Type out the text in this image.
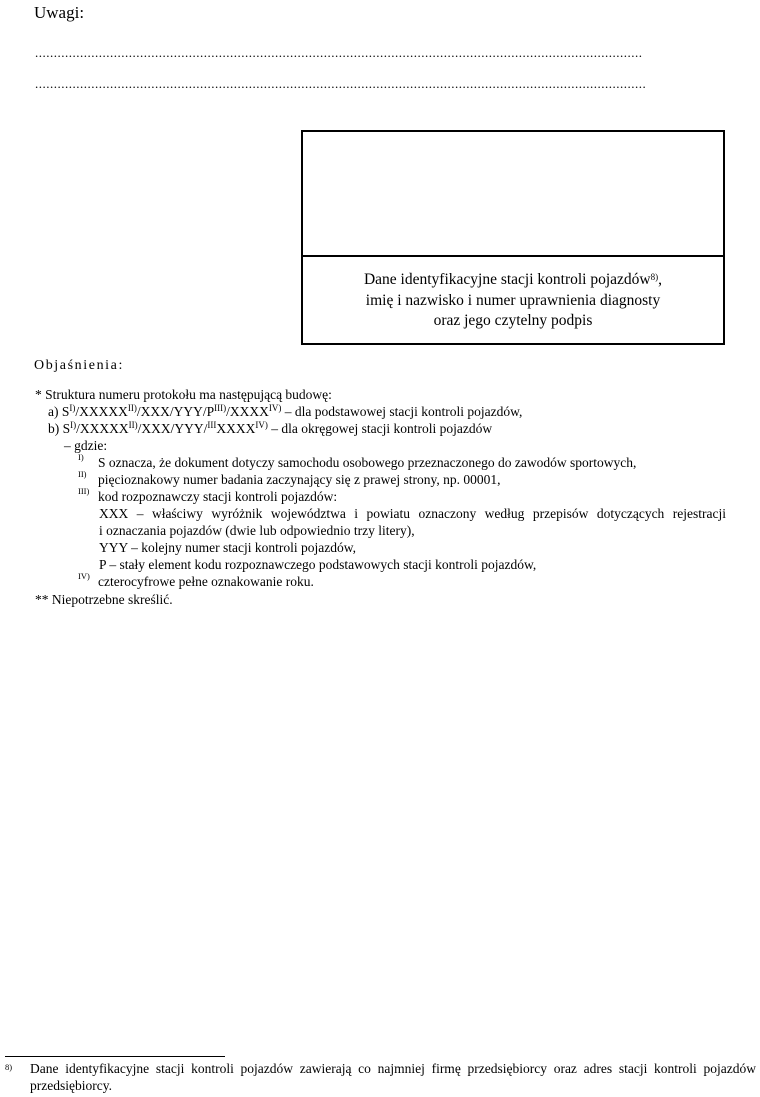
Uwagi:
..................................................................................................................................................................
...................................................................................................................................................................
Dane identyfikacyjne stacji kontroli pojazdów$^{8)}$,
imię i nazwisko i numer uprawnienia diagnosty
oraz jego czytelny podpis
Objaśnienia:
* Struktura numeru protokołu ma następującą budowę:
a) $S^{I)}/XXXXX^{II)}/XXX/YYY/P^{III)}/XXXX^{IV)}$ – dla podstawowej stacji kontroli pojazdów,
b) $S^{I)}/XXXXX^{II)}/XXX/YYY/^{III}XXXX^{IV)}$ – dla okręgowej stacji kontroli pojazdów
– gdzie:
I) S oznacza, że dokument dotyczy samochodu osobowego przeznaczonego do zawodów sportowych,
II) pięcioznakowy numer badania zaczynający się z prawej strony, np. 00001,
III) kod rozpoznawczy stacji kontroli pojazdów:
XXX – właściwy wyróżnik województwa i powiatu oznaczony według przepisów dotyczących rejestracji
i oznaczania pojazdów (dwie lub odpowiednio trzy litery),
YYY – kolejny numer stacji kontroli pojazdów,
P – stały element kodu rozpoznawczego podstawowych stacji kontroli pojazdów,
IV) czterocyfrowe pełne oznakowanie roku.
** Niepotrzebne skreślić.
8) Dane identyfikacyjne stacji kontroli pojazdów zawierają co najmniej firmę przedsiębiorcy oraz adres stacji kontroli pojazdów przedsiębiorcy.
